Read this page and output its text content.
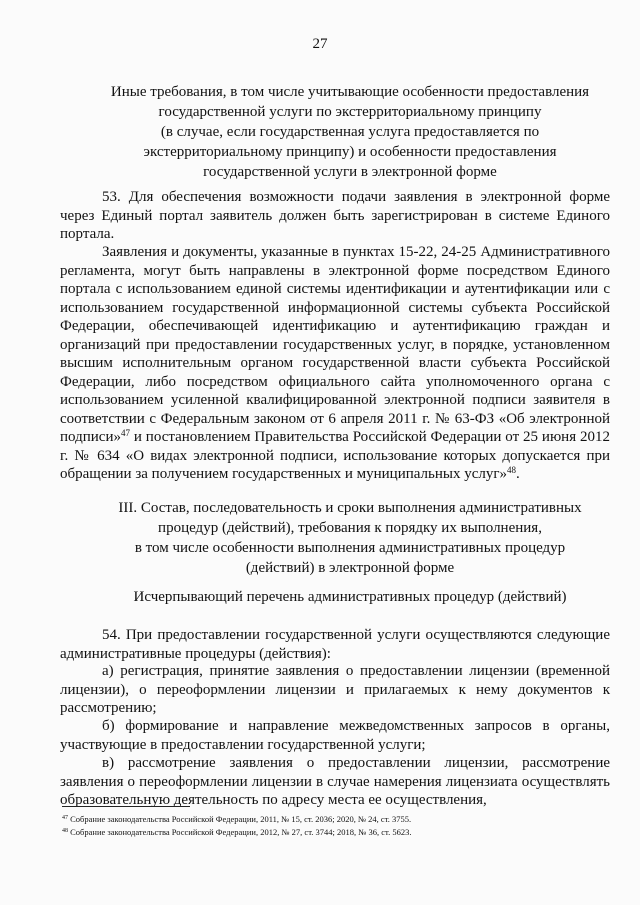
27
Иные требования, в том числе учитывающие особенности предоставления
государственной услуги по экстерриториальному принципу
(в случае, если государственная услуга предоставляется по
экстерриториальному принципу) и особенности предоставления
государственной услуги в электронной форме

53. Для обеспечения возможности подачи заявления в электронной форме через Единый портал заявитель должен быть зарегистрирован в системе Единого портала.

Заявления и документы, указанные в пунктах 15-22, 24-25 Административного регламента, могут быть направлены в электронной форме посредством Единого портала с использованием единой системы идентификации и аутентификации или с использованием государственной информационной системы субъекта Российской Федерации, обеспечивающей идентификацию и аутентификацию граждан и организаций при предоставлении государственных услуг, в порядке, установленном высшим исполнительным органом государственной власти субъекта Российской Федерации, либо посредством официального сайта уполномоченного органа с использованием усиленной квалифицированной электронной подписи заявителя в соответствии с Федеральным законом от 6 апреля 2011 г. № 63-ФЗ «Об электронной подписи»$^{47}$ и постановлением Правительства Российской Федерации от 25 июня 2012 г. № 634 «О видах электронной подписи, использование которых допускается при обращении за получением государственных и муниципальных услуг»$^{48}$.

III. Состав, последовательность и сроки выполнения административных
процедур (действий), требования к порядку их выполнения,
в том числе особенности выполнения административных процедур
(действий) в электронной форме
Исчерпывающий перечень административных процедур (действий)

54. При предоставлении государственной услуги осуществляются следующие административные процедуры (действия):

а) регистрация, принятие заявления о предоставлении лицензии (временной лицензии), о переоформлении лицензии и прилагаемых к нему документов к рассмотрению;

б) формирование и направление межведомственных запросов в органы, участвующие в предоставлении государственной услуги;

в) рассмотрение заявления о предоставлении лицензии, рассмотрение заявления о переоформлении лицензии в случае намерения лицензиата осуществлять образовательную деятельность по адресу места ее осуществления,

$^{47}$ Собрание законодательства Российской Федерации, 2011, № 15, ст. 2036; 2020, № 24, ст. 3755.
$^{48}$ Собрание законодательства Российской Федерации, 2012, № 27, ст. 3744; 2018, № 36, ст. 5623.
